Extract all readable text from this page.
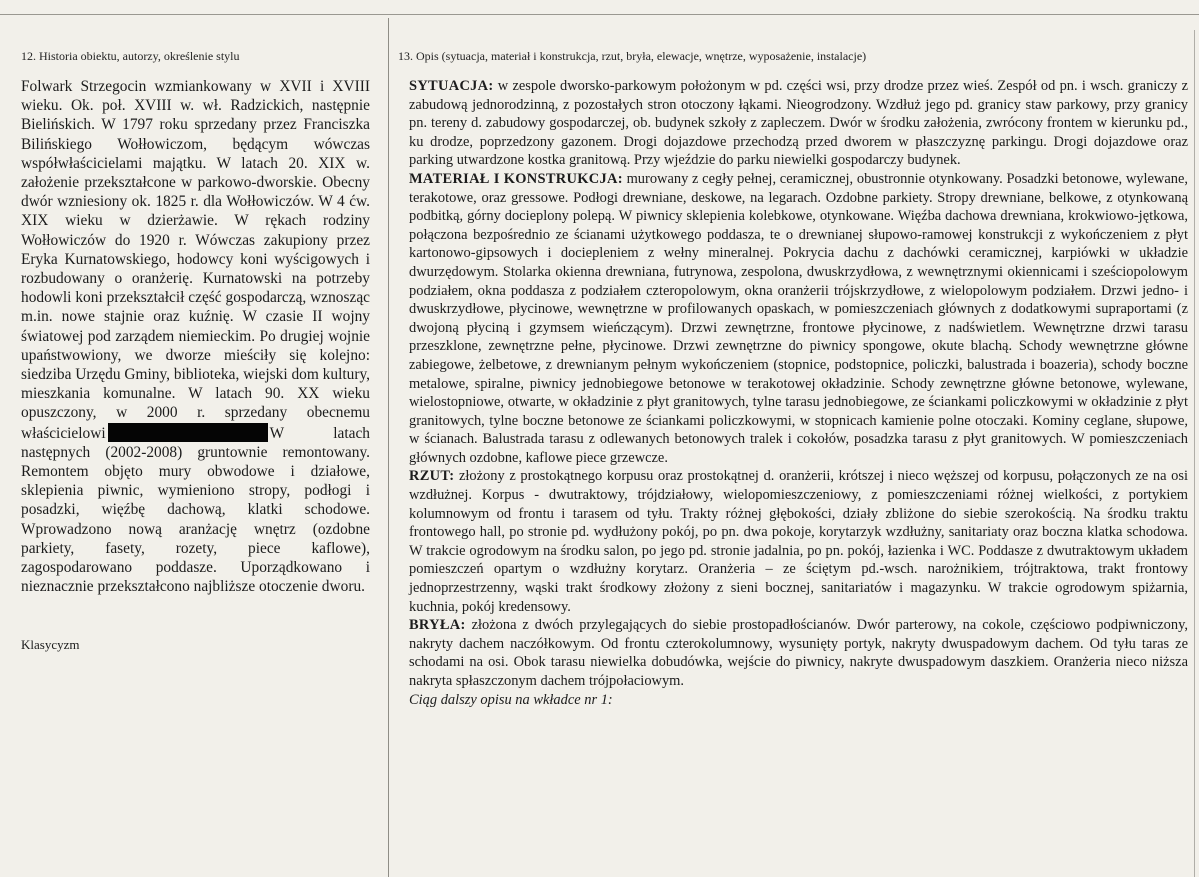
12. Historia obiektu, autorzy, określenie stylu	13. Opis (sytuacja, materiał i konstrukcja, rzut, bryła, elewacje, wnętrze, wyposażenie, instalacje)

Folwark Strzegocin wzmiankowany w XVII i XVIII wieku. Ok. poł. XVIII w. wł. Radzickich, następnie Bielińskich. W 1797 roku sprzedany przez Franciszka Bilińskiego Wołłowiczom, będącym wówczas współwłaścicielami majątku. W latach 20. XIX w. założenie przekształcone w parkowo-dworskie. Obecny dwór wzniesiony ok. 1825 r. dla Wołłowiczów. W 4 ćw. XIX wieku w dzierżawie. W rękach rodziny Wołłowiczów do 1920 r. Wówczas zakupiony przez Eryka Kurnatowskiego, hodowcy koni wyścigowych i rozbudowany o oranżerię. Kurnatowski na potrzeby hodowli koni przekształcił część gospodarczą, wznosząc m.in. nowe stajnie oraz kuźnię. W czasie II wojny światowej pod zarządem niemieckim. Po drugiej wojnie upaństwowiony, we dworze mieściły się kolejno: siedziba Urzędu Gminy, biblioteka, wiejski dom kultury, mieszkania komunalne. W latach 90. XX wieku opuszczony, w 2000 r. sprzedany obecnemu właścicielowi	W latach następnych (2002-2008) gruntownie remontowany. Remontem objęto mury obwodowe i działowe, sklepienia piwnic, wymieniono stropy, podłogi i posadzki, więźbę dachową, klatki schodowe. Wprowadzono nową aranżację wnętrz (ozdobne parkiety, fasety, rozety, piece kaflowe), zagospodarowano poddasze. Uporządkowano i nieznacznie przekształcono najbliższe otoczenie dworu.

Klasycyzm

SYTUACJA: w zespole dworsko-parkowym położonym w pd. części wsi, przy drodze przez wieś. Zespół od pn. i wsch. graniczy z zabudową jednorodzinną, z pozostałych stron otoczony łąkami. Nieogrodzony. Wzdłuż jego pd. granicy staw parkowy, przy granicy pn. tereny d. zabudowy gospodarczej, ob. budynek szkoły z zapleczem. Dwór w środku założenia, zwrócony frontem w kierunku pd., ku drodze, poprzedzony gazonem. Drogi dojazdowe przechodzą przed dworem w płaszczyznę parkingu. Drogi dojazdowe oraz parking utwardzone kostka granitową. Przy wjeździe do parku niewielki gospodarczy budynek.

MATERIAŁ I KONSTRUKCJA: murowany z cegły pełnej, ceramicznej, obustronnie otynkowany. Posadzki betonowe, wylewane, terakotowe, oraz gressowe. Podłogi drewniane, deskowe, na legarach. Ozdobne parkiety. Stropy drewniane, belkowe, z otynkowaną podbitką, górny docieplony polepą. W piwnicy sklepienia kolebkowe, otynkowane. Więźba dachowa drewniana, krokwiowo-jętkowa, połączona bezpośrednio ze ścianami użytkowego poddasza, te o drewnianej słupowo-ramowej konstrukcji z wykończeniem z płyt kartonowo-gipsowych i dociepleniem z wełny mineralnej. Pokrycia dachu z dachówki ceramicznej, karpiówki w układzie dwurzędowym. Stolarka okienna drewniana, futrynowa, zespolona, dwuskrzydłowa, z wewnętrznymi okiennicami i sześciopolowym podziałem, okna poddasza z podziałem czteropolowym, okna oranżerii trójskrzydłowe, z wielopolowym podziałem. Drzwi jedno- i dwuskrzydłowe, płycinowe, wewnętrzne w profilowanych opaskach, w pomieszczeniach głównych z dodatkowymi supraportami (z dwojoną płyciną i gzymsem wieńczącym). Drzwi zewnętrzne, frontowe płycinowe, z nadświetlem. Wewnętrzne drzwi tarasu przeszklone, zewnętrzne pełne, płycinowe. Drzwi zewnętrzne do piwnicy spongowe, okute blachą. Schody wewnętrzne główne zabiegowe, żelbetowe, z drewnianym pełnym wykończeniem (stopnice, podstopnice, policzki, balustrada i boazeria), schody boczne metalowe, spiralne, piwnicy jednobiegowe betonowe w terakotowej okładzinie. Schody zewnętrzne główne betonowe, wylewane, wielostopniowe, otwarte, w okładzinie z płyt granitowych, tylne tarasu jednobiegowe, ze ściankami policzkowymi w okładzinie z płyt granitowych, tylne boczne betonowe ze ściankami policzkowymi, w stopnicach kamienie polne otoczaki. Kominy ceglane, słupowe, w ścianach. Balustrada tarasu z odlewanych betonowych tralek i cokołów, posadzka tarasu z płyt granitowych. W pomieszczeniach głównych ozdobne, kaflowe piece grzewcze.

RZUT: złożony z prostokątnego korpusu oraz prostokątnej d. oranżerii, krótszej i nieco węższej od korpusu, połączonych ze na osi wzdłużnej. Korpus - dwutraktowy, trójdziałowy, wielopomieszczeniowy, z pomieszczeniami różnej wielkości, z portykiem kolumnowym od frontu i tarasem od tyłu. Trakty różnej głębokości, działy zbliżone do siebie szerokością. Na środku traktu frontowego hall, po stronie pd. wydłużony pokój, po pn. dwa pokoje, korytarzyk wzdłużny, sanitariaty oraz boczna klatka schodowa. W trakcie ogrodowym na środku salon, po jego pd. stronie jadalnia, po pn. pokój, łazienka i WC. Poddasze z dwutraktowym układem pomieszczeń opartym o wzdłużny korytarz. Oranżeria – ze ściętym pd.-wsch. narożnikiem, trójtraktowa, trakt frontowy jednoprzestrzenny, wąski trakt środkowy złożony z sieni bocznej, sanitariatów i magazynku. W trakcie ogrodowym spiżarnia, kuchnia, pokój kredensowy.

BRYŁA: złożona z dwóch przylegających do siebie prostopadłościanów. Dwór parterowy, na cokole, częściowo podpiwniczony, nakryty dachem naczółkowym. Od frontu czterokolumnowy, wysunięty portyk, nakryty dwuspadowym dachem. Od tyłu taras ze schodami na osi. Obok tarasu niewielka dobudówka, wejście do piwnicy, nakryte dwuspadowym daszkiem. Oranżeria nieco niższa nakryta spłaszczonym dachem trójpołaciowym.

Ciąg dalszy opisu na wkładce nr 1:
